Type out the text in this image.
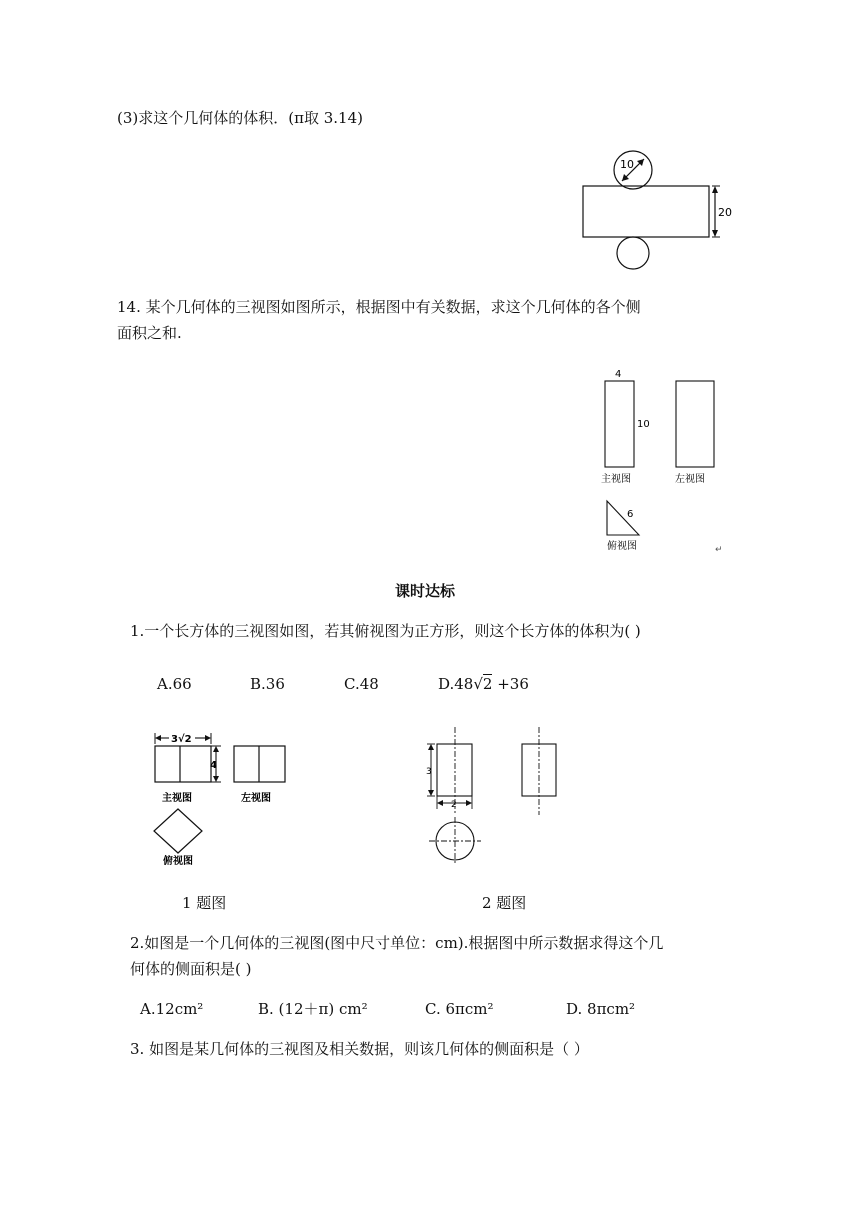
(3)求这个几何体的体积．(π取 3.14)
10
20
14. 某个几何体的三视图如图所示，根据图中有关数据，求这个几何体的各个侧
面积之和.
4
10
主视图	左视图
6
俯视图	↵
课时达标
1.一个长方体的三视图如图，若其俯视图为正方形，则这个长方体的体积为( )
A.66	B.36	C.48	D.48√2 +36
3√2
4
主视图	左视图
俯视图
3
2
1 题图	2 题图
2.如图是一个几何体的三视图(图中尺寸单位：cm).根据图中所示数据求得这个几
何体的侧面积是( )
A.12cm²	B. (12＋π) cm²	C. 6πcm²	D. 8πcm²
3. 如图是某几何体的三视图及相关数据，则该几何体的侧面积是（ ）
